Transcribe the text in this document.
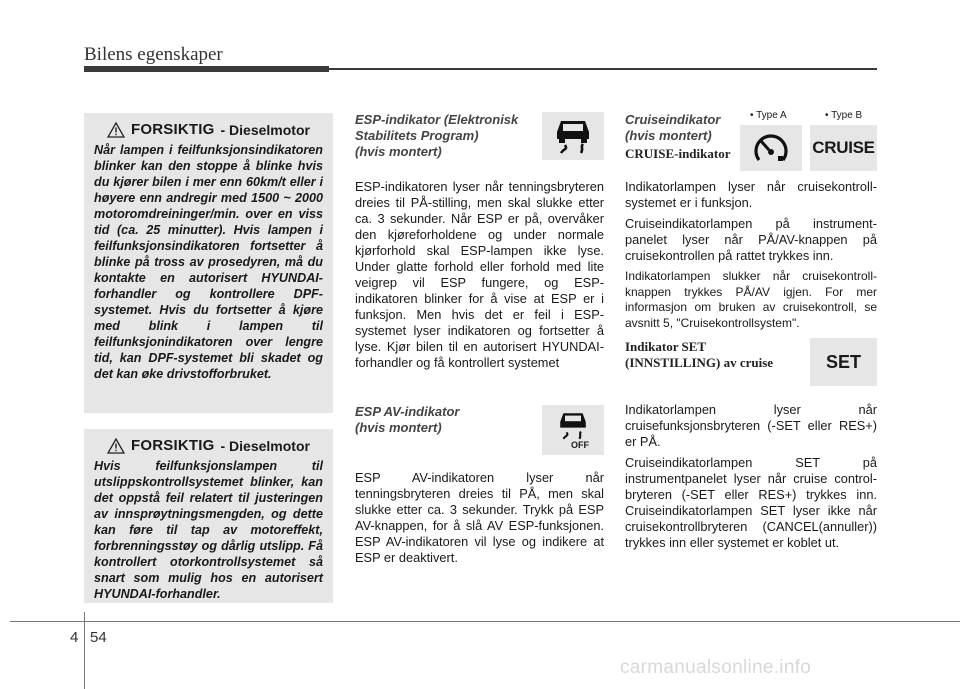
Bilens egenskaper
FORSIKTIG - Dieselmotor
Når lampen i feilfunksjonsindikatoren blinker kan den stoppe å blinke hvis du kjører bilen i mer enn 60km/t eller i høyere enn andregir med 1500 ~ 2000 motoromdreininger/min. over en viss tid (ca. 25 minutter). Hvis lampen i feilfunksjonsindikatoren fortsetter å blinke på tross av prosedyren, må du kontakte en autorisert HYUNDAI-forhandler og kontrollere DPF-systemet. Hvis du fortsetter å kjøre med blink i lampen til feilfunksjonindikatoren over lengre tid, kan DPF-systemet bli skadet og det kan øke drivstofforbruket.
FORSIKTIG - Dieselmotor
Hvis feilfunksjonslampen til utslippskontrollsystemet blinker, kan det oppstå feil relatert til justeringen av innsprøytningsmengden, og dette kan føre til tap av motoreffekt, forbrenningsstøy og dårlig utslipp. Få kontrollert otorkontrollsystemet så snart som mulig hos en autorisert HYUNDAI-forhandler.
ESP-indikator (Elektronisk
Stabilitets Program)
(hvis montert)
ESP-indikatoren lyser når tenningsbryteren dreies til PÅ-stilling, men skal slukke etter ca. 3 sekunder. Når ESP er på, overvåker den kjøreforholdene og under normale kjørforhold skal ESP-lampen ikke lyse. Under glatte forhold eller forhold med lite veigrep vil ESP fungere, og ESP-indikatoren blinker for å vise at ESP er i funksjon. Men hvis det er feil i ESP-systemet lyser indikatoren og fortsetter å lyse. Kjør bilen til en autorisert HYUNDAI-forhandler og få kontrollert systemet
ESP AV-indikator
(hvis montert)
OFF
ESP AV-indikatoren lyser når tenningsbryteren dreies til PÅ, men skal slukke etter ca. 3 sekunder. Trykk på ESP AV-knappen, for å slå AV ESP-funksjonen. ESP AV-indikatoren vil lyse og indikere at ESP er deaktivert.
Cruiseindikator
(hvis montert)
CRUISE-indikator
• Type A	• Type B
CRUISE
Indikatorlampen lyser når cruisekontroll-systemet er i funksjon.
Cruiseindikatorlampen på instrument-panelet lyser når PÅ/AV-knappen på cruisekontrollen på rattet trykkes inn.
Indikatorlampen slukker når cruisekontroll-knappen trykkes PÅ/AV igjen. For mer informasjon om bruken av cruisekontroll, se avsnitt 5, "Cruisekontrollsystem".
Indikator SET
(INNSTILLING) av cruise	SET
Indikatorlampen lyser når cruisefunksjonsbryteren (-SET eller RES+) er PÅ.
Cruiseindikatorlampen SET på instrumentpanelet lyser når cruise control-bryteren (-SET eller RES+) trykkes inn. Cruiseindikatorlampen SET lyser ikke når cruisekontrollbryteren (CANCEL(annuller)) trykkes inn eller systemet er koblet ut.
4 54
carmanualsonline.info
